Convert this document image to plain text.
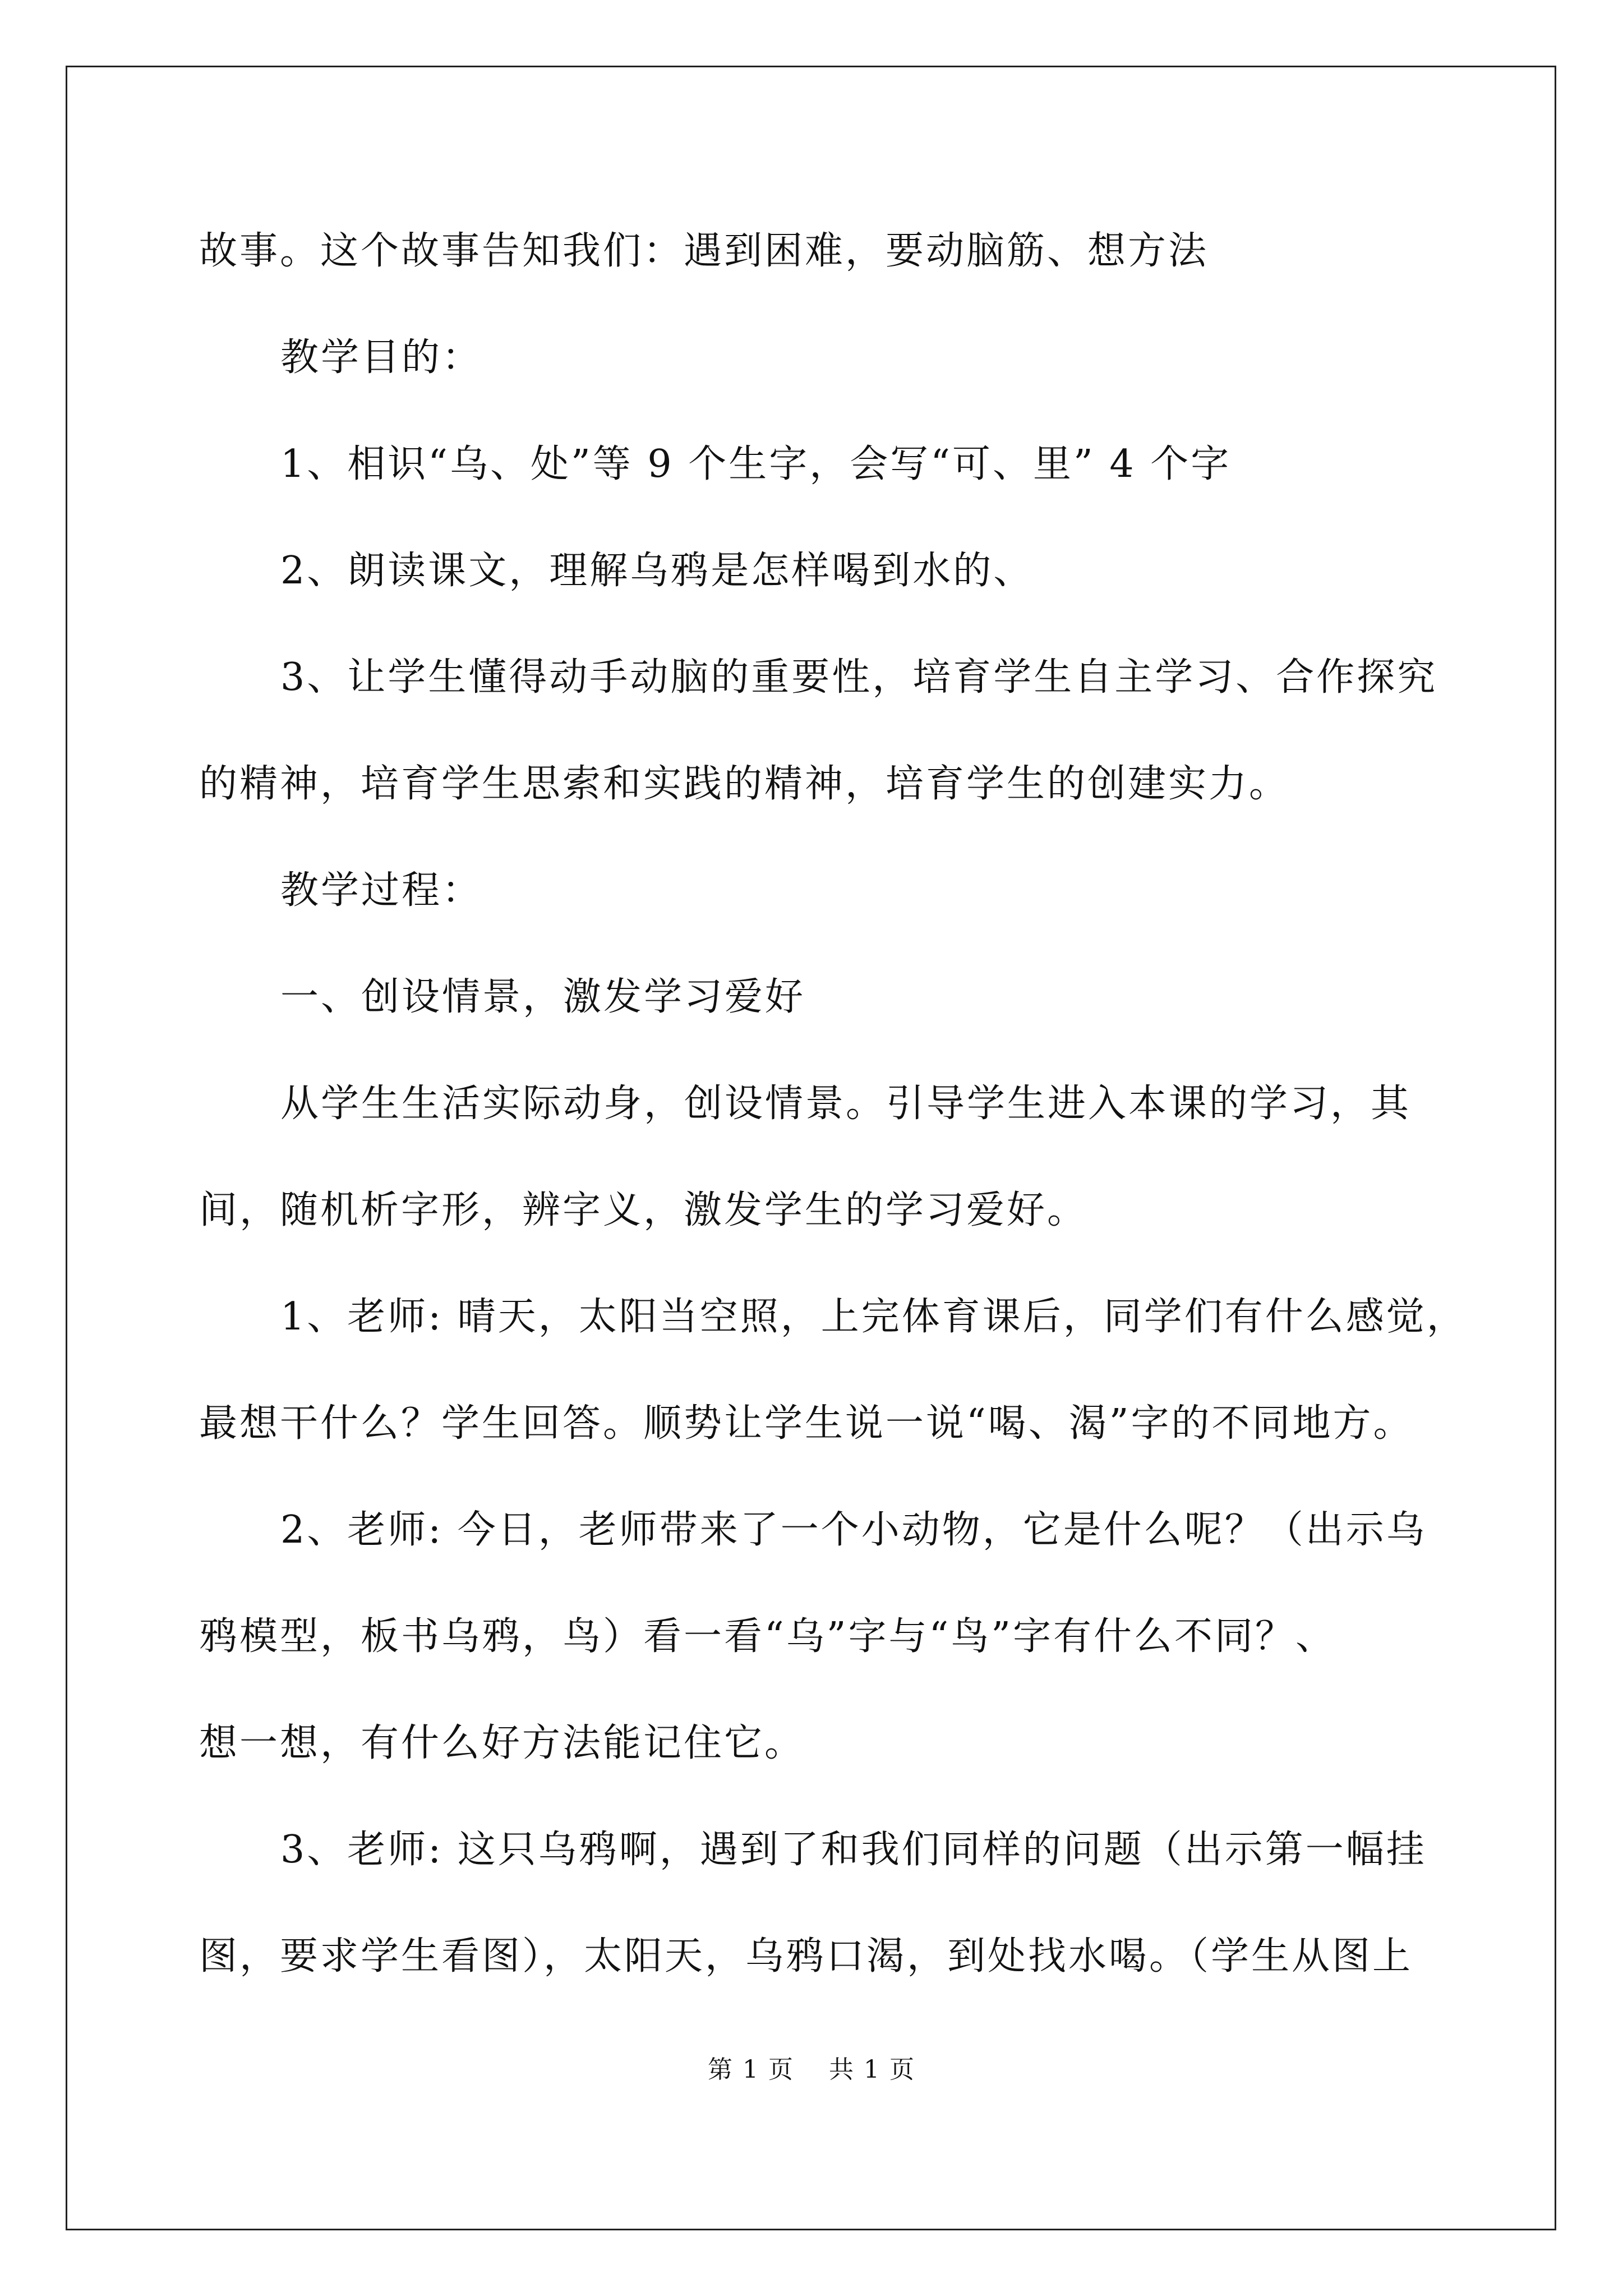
故事。这个故事告知我们：遇到困难，要动脑筋、想方法
教学目的：
1、相识“乌、处”等 9 个生字，会写“可、里” 4 个字
2、朗读课文，理解乌鸦是怎样喝到水的、
3、让学生懂得动手动脑的重要性，培育学生自主学习、合作探究
的精神，培育学生思索和实践的精神，培育学生的创建实力。
教学过程：
一、创设情景，激发学习爱好
从学生生活实际动身，创设情景。引导学生进入本课的学习，其
间，随机析字形，辨字义，激发学生的学习爱好。
1、老师: 晴天，太阳当空照，上完体育课后，同学们有什么感觉，
最想干什么？学生回答。顺势让学生说一说“喝、渴”字的不同地方。
2、老师: 今日，老师带来了一个小动物，它是什么呢？（出示乌
鸦模型，板书乌鸦，鸟）看一看“乌”字与“鸟”字有什么不同？、
想一想，有什么好方法能记住它。
3、老师: 这只乌鸦啊，遇到了和我们同样的问题（出示第一幅挂
图，要求学生看图），太阳天，乌鸦口渴，到处找水喝。（学生从图上
第 1 页　 共 1 页
